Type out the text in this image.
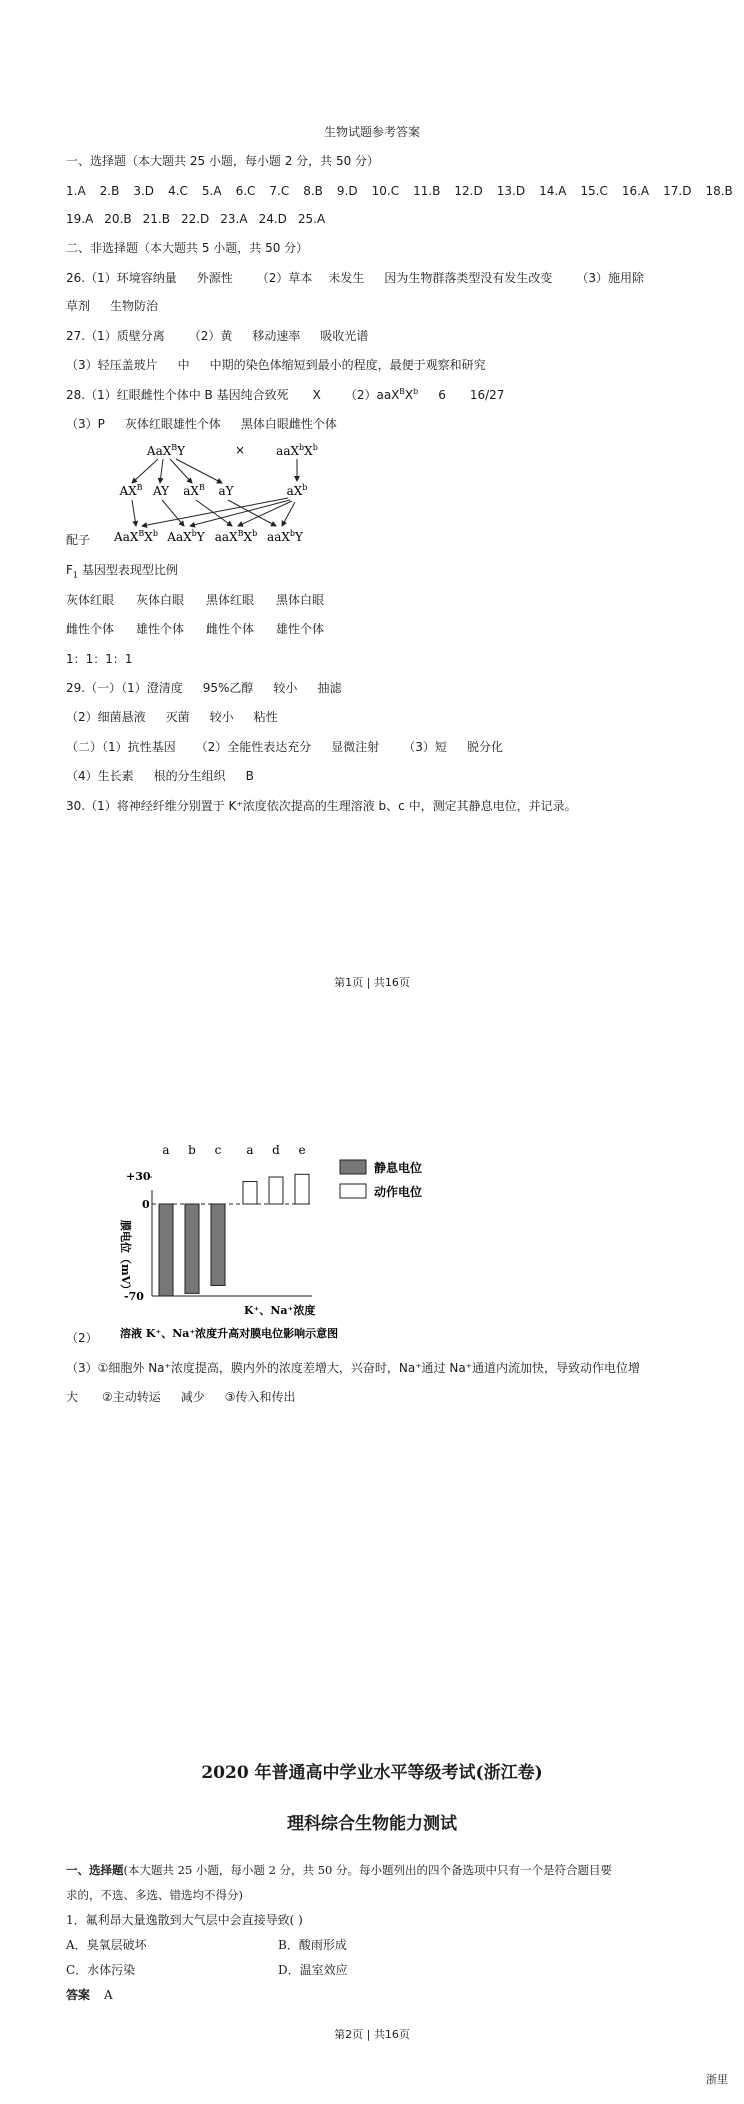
生物试题参考答案
一、选择题（本大题共 25 小题，每小题 2 分，共 50 分）
1.A 2.B 3.D 4.C 5.A 6.C 7.C 8.B 9.D 10.C 11.B 12.D 13.D 14.A 15.C 16.A 17.D 18.B
19.A 20.B 21.B 22.D 23.A 24.D 25.A
二、非选择题（本大题共 5 小题，共 50 分）
26.（1）环境容纳量 外源性 （2）草本 未发生 因为生物群落类型没有发生改变 （3）施用除
草剂 生物防治
27.（1）质壁分离 （2）黄 移动速率 吸收光谱
（3）轻压盖玻片 中 中期的染色体缩短到最小的程度，最便于观察和研究
28.（1）红眼雌性个体中 B 基因纯合致死 X $(2)aaX^BX^b$ 6 16/27
（3）P 灰体红眼雄性个体 黑体白眼雌性个体
AaX$^B$Y	×	$aaX^bX^b$
$AX^B$ AY $aX^B$ aY	$aX^b$
$AaX^BX^b$ AaX$^b$Y $aaX^BX^b$ aaX$^b$Y
配子
$F_1$ 基因型表现型比例
灰体红眼 灰体白眼 黑体红眼 黑体白眼
雌性个体 雄性个体 雌性个体 雄性个体
1：1：1：1
29.（一）（1）澄清度 95%乙醇 较小 抽滤
（2）细菌悬液 灭菌 较小 粘性
（二）（1）抗性基因 （2）全能性表达充分 显微注射 （3）短 脱分化
（4）生长素 根的分生组织 B
30.（1）将神经纤维分别置于 K⁺浓度依次提高的生理溶液 b、c 中，测定其静息电位，并记录。
第1页 | 共16页
a b c a d e
+30
0
-70
膜电位（mV）
K⁺、Na⁺浓度
静息电位
动作电位
溶液 K⁺、Na⁺浓度升高对膜电位影响示意图
（2）
（3）①细胞外 Na⁺浓度提高，膜内外的浓度差增大，兴奋时，Na⁺通过 Na⁺通道内流加快，导致动作电位增
大 ②主动转运 减少 ③传入和传出
2020 年普通高中学业水平等级考试(浙江卷)
理科综合生物能力测试
一、选择题(本大题共 25 小题，每小题 2 分，共 50 分。每小题列出的四个备选项中只有一个是符合题目要
求的，不选、多选、错选均不得分)
1．氟利昂大量逸散到大气层中会直接导致( )
A．臭氧层破坏	B．酸雨形成
C．水体污染	D．温室效应
答案 A
第2页 | 共16页
浙里
